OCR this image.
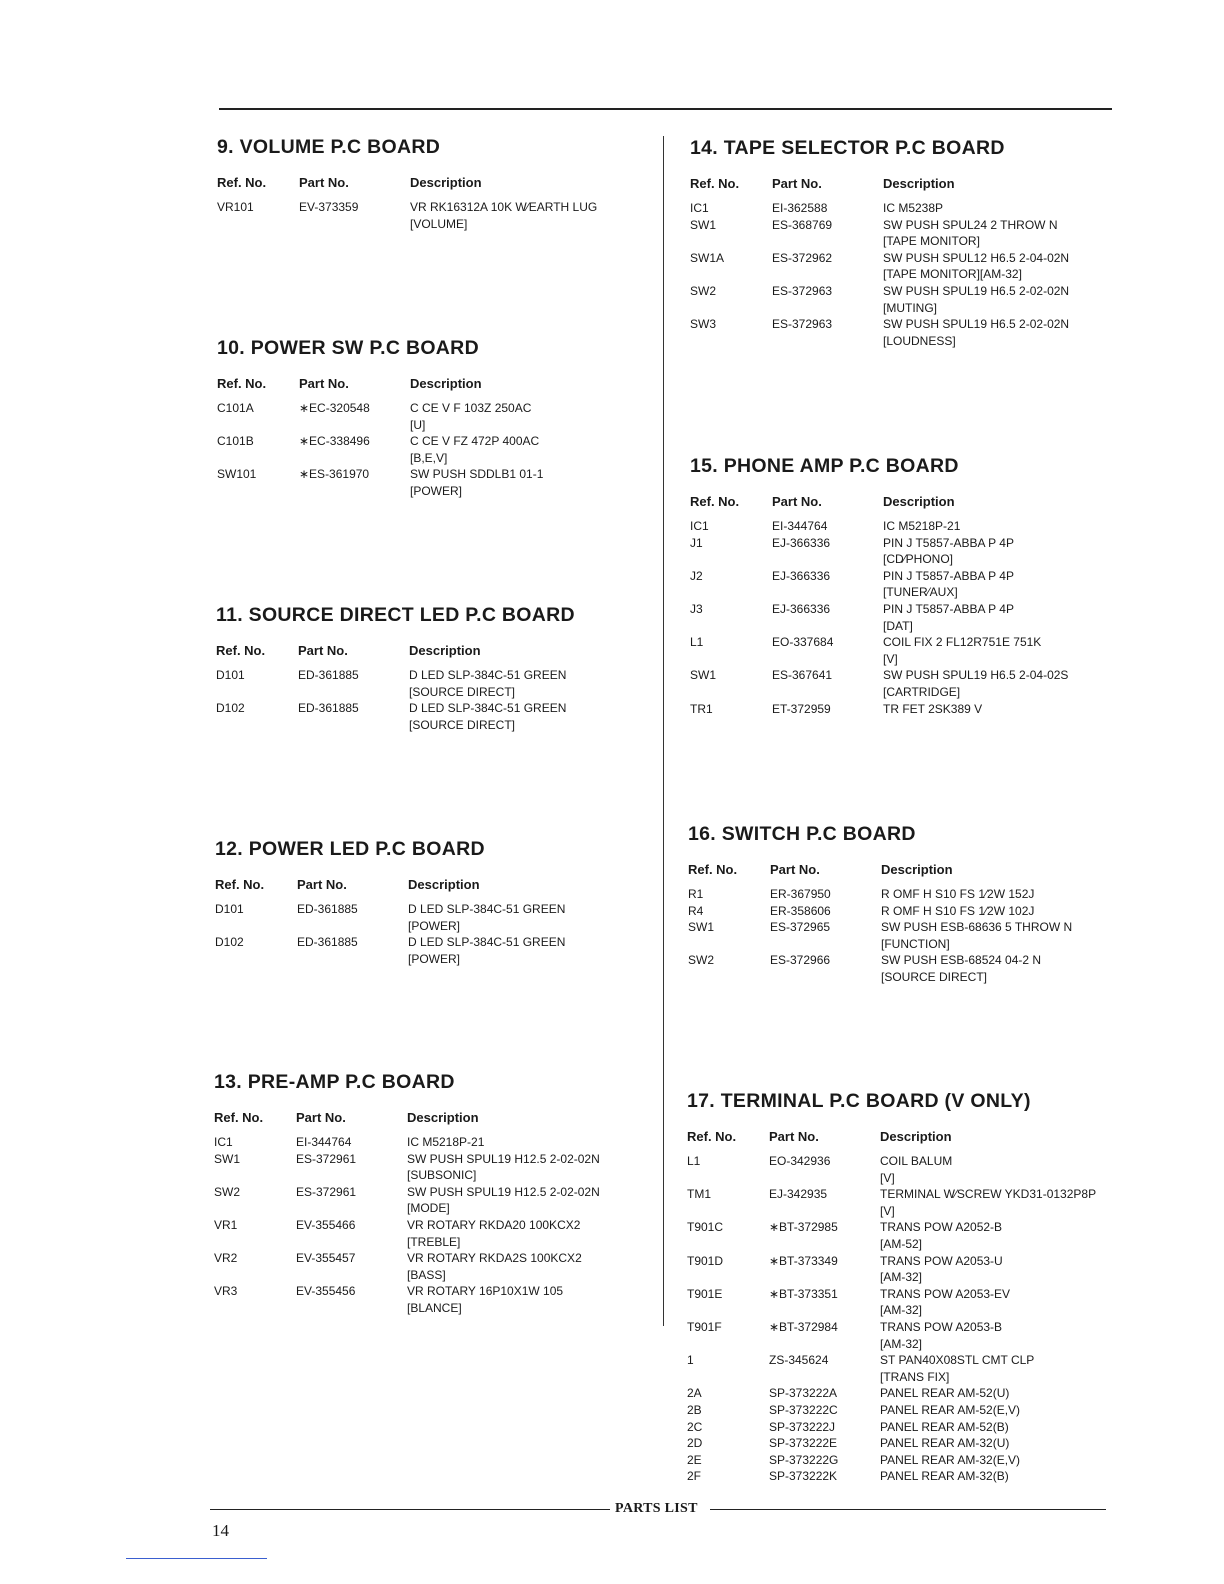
9. VOLUME P.C BOARD
Ref. No.	Part No.	Description
VR101	EV-373359	VR RK16312A 10K W⁄EARTH LUG
[VOLUME]
10. POWER SW P.C BOARD
Ref. No.	Part No.	Description
C101A	∗EC-320548	C CE V F 103Z 250AC
[U]
C101B	∗EC-338496	C CE V FZ 472P 400AC
[B,E,V]
SW101	∗ES-361970	SW PUSH SDDLB1 01-1
[POWER]
11. SOURCE DIRECT LED P.C BOARD
Ref. No.	Part No.	Description
D101	ED-361885	D LED SLP-384C-51 GREEN
[SOURCE DIRECT]
D102	ED-361885	D LED SLP-384C-51 GREEN
[SOURCE DIRECT]
12. POWER LED P.C BOARD
Ref. No.	Part No.	Description
D101	ED-361885	D LED SLP-384C-51 GREEN
[POWER]
D102	ED-361885	D LED SLP-384C-51 GREEN
[POWER]
13. PRE-AMP P.C BOARD
Ref. No.	Part No.	Description
IC1	EI-344764	IC M5218P-21
SW1	ES-372961	SW PUSH SPUL19 H12.5 2-02-02N
[SUBSONIC]
SW2	ES-372961	SW PUSH SPUL19 H12.5 2-02-02N
[MODE]
VR1	EV-355466	VR ROTARY RKDA20 100KCX2
[TREBLE]
VR2	EV-355457	VR ROTARY RKDA2S 100KCX2
[BASS]
VR3	EV-355456	VR ROTARY 16P10X1W 105
[BLANCE]
14. TAPE SELECTOR P.C BOARD
Ref. No.	Part No.	Description
IC1	EI-362588	IC M5238P
SW1	ES-368769	SW PUSH SPUL24 2 THROW N
[TAPE MONITOR]
SW1A	ES-372962	SW PUSH SPUL12 H6.5 2-04-02N
[TAPE MONITOR][AM-32]
SW2	ES-372963	SW PUSH SPUL19 H6.5 2-02-02N
[MUTING]
SW3	ES-372963	SW PUSH SPUL19 H6.5 2-02-02N
[LOUDNESS]
15. PHONE AMP P.C BOARD
Ref. No.	Part No.	Description
IC1	EI-344764	IC M5218P-21
J1	EJ-366336	PIN J T5857-ABBA P 4P
[CD⁄PHONO]
J2	EJ-366336	PIN J T5857-ABBA P 4P
[TUNER⁄AUX]
J3	EJ-366336	PIN J T5857-ABBA P 4P
[DAT]
L1	EO-337684	COIL FIX 2 FL12R751E 751K
[V]
SW1	ES-367641	SW PUSH SPUL19 H6.5 2-04-02S
[CARTRIDGE]
TR1	ET-372959	TR FET 2SK389 V
16. SWITCH P.C BOARD
Ref. No.	Part No.	Description
R1	ER-367950	R OMF H S10 FS 1⁄2W 152J
R4	ER-358606	R OMF H S10 FS 1⁄2W 102J
SW1	ES-372965	SW PUSH ESB-68636 5 THROW N
[FUNCTION]
SW2	ES-372966	SW PUSH ESB-68524 04-2 N
[SOURCE DIRECT]
17. TERMINAL P.C BOARD (V ONLY)
Ref. No.	Part No.	Description
L1	EO-342936	COIL BALUM
[V]
TM1	EJ-342935	TERMINAL W⁄SCREW YKD31-0132P8P
[V]
T901C	∗BT-372985	TRANS POW A2052-B
[AM-52]
T901D	∗BT-373349	TRANS POW A2053-U
[AM-32]
T901E	∗BT-373351	TRANS POW A2053-EV
[AM-32]
T901F	∗BT-372984	TRANS POW A2053-B
[AM-32]
1	ZS-345624	ST PAN40X08STL CMT CLP
[TRANS FIX]
2A	SP-373222A	PANEL REAR AM-52(U)
2B	SP-373222C	PANEL REAR AM-52(E,V)
2C	SP-373222J	PANEL REAR AM-52(B)
2D	SP-373222E	PANEL REAR AM-32(U)
2E	SP-373222G	PANEL REAR AM-32(E,V)
2F	SP-373222K	PANEL REAR AM-32(B)
PARTS LIST
14
